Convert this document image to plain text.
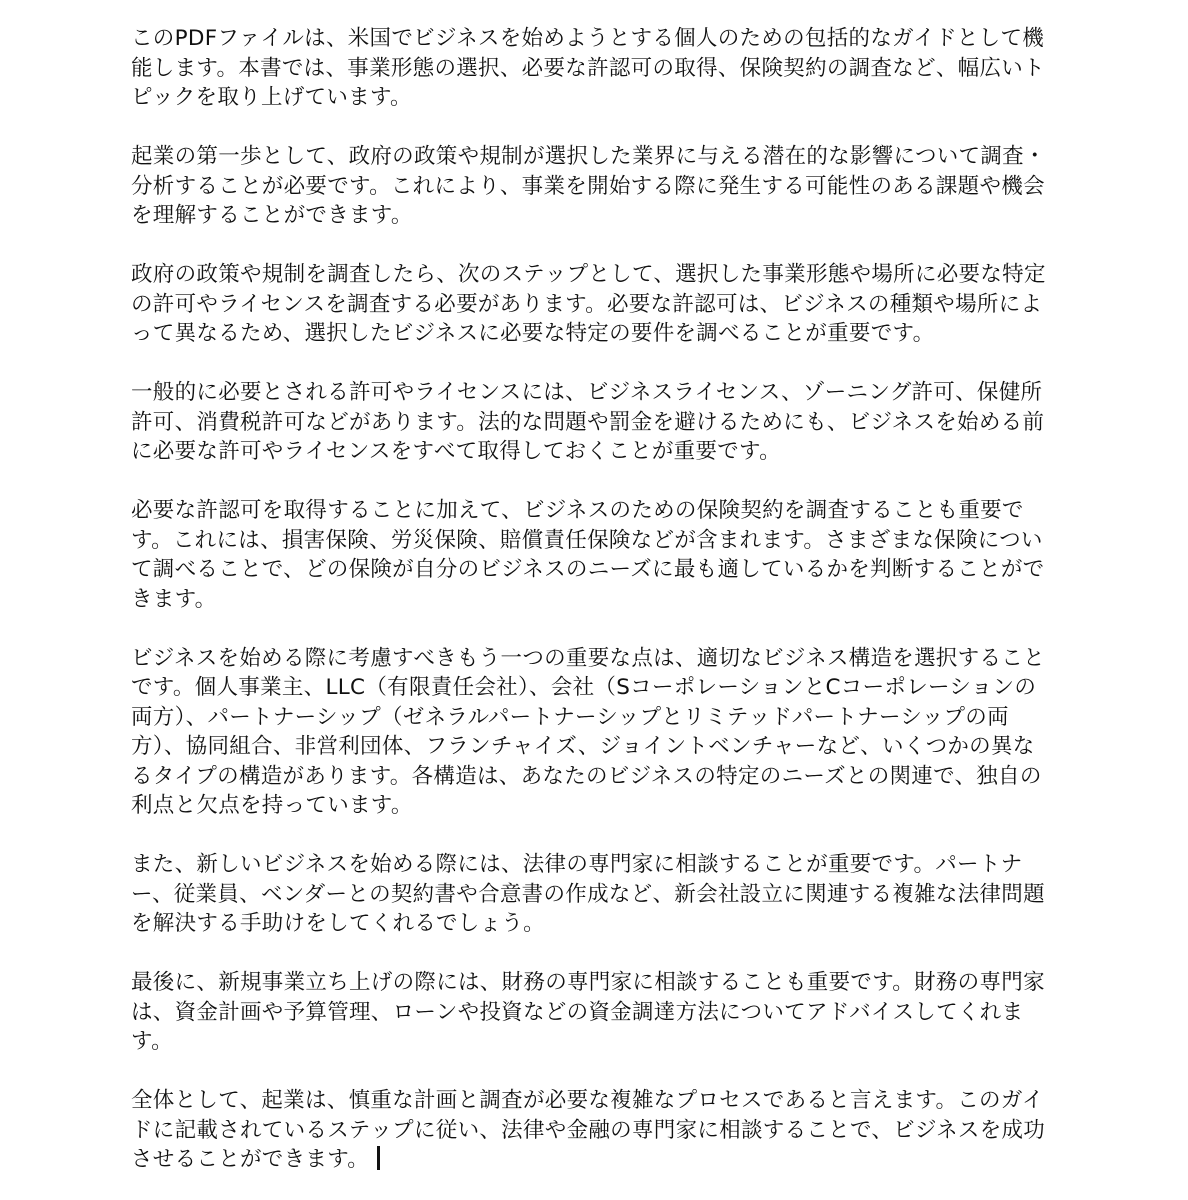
このPDFファイルは、米国でビジネスを始めようとする個人のための包括的なガイドとして機能します。本書では、事業形態の選択、必要な許認可の取得、保険契約の調査など、幅広いトピックを取り上げています。

起業の第一歩として、政府の政策や規制が選択した業界に与える潜在的な影響について調査・分析することが必要です。これにより、事業を開始する際に発生する可能性のある課題や機会を理解することができます。

政府の政策や規制を調査したら、次のステップとして、選択した事業形態や場所に必要な特定の許可やライセンスを調査する必要があります。必要な許認可は、ビジネスの種類や場所によって異なるため、選択したビジネスに必要な特定の要件を調べることが重要です。

一般的に必要とされる許可やライセンスには、ビジネスライセンス、ゾーニング許可、保健所許可、消費税許可などがあります。法的な問題や罰金を避けるためにも、ビジネスを始める前に必要な許可やライセンスをすべて取得しておくことが重要です。

必要な許認可を取得することに加えて、ビジネスのための保険契約を調査することも重要です。これには、損害保険、労災保険、賠償責任保険などが含まれます。さまざまな保険について調べることで、どの保険が自分のビジネスのニーズに最も適しているかを判断することができます。

ビジネスを始める際に考慮すべきもう一つの重要な点は、適切なビジネス構造を選択することです。個人事業主、LLC（有限責任会社）、会社（SコーポレーションとCコーポレーションの両方）、パートナーシップ（ゼネラルパートナーシップとリミテッドパートナーシップの両方）、協同組合、非営利団体、フランチャイズ、ジョイントベンチャーなど、いくつかの異なるタイプの構造があります。各構造は、あなたのビジネスの特定のニーズとの関連で、独自の利点と欠点を持っています。

また、新しいビジネスを始める際には、法律の専門家に相談することが重要です。パートナー、従業員、ベンダーとの契約書や合意書の作成など、新会社設立に関連する複雑な法律問題を解決する手助けをしてくれるでしょう。

最後に、新規事業立ち上げの際には、財務の専門家に相談することも重要です。財務の専門家は、資金計画や予算管理、ローンや投資などの資金調達方法についてアドバイスしてくれます。

全体として、起業は、慎重な計画と調査が必要な複雑なプロセスであると言えます。このガイドに記載されているステップに従い、法律や金融の専門家に相談することで、ビジネスを成功させることができます。
